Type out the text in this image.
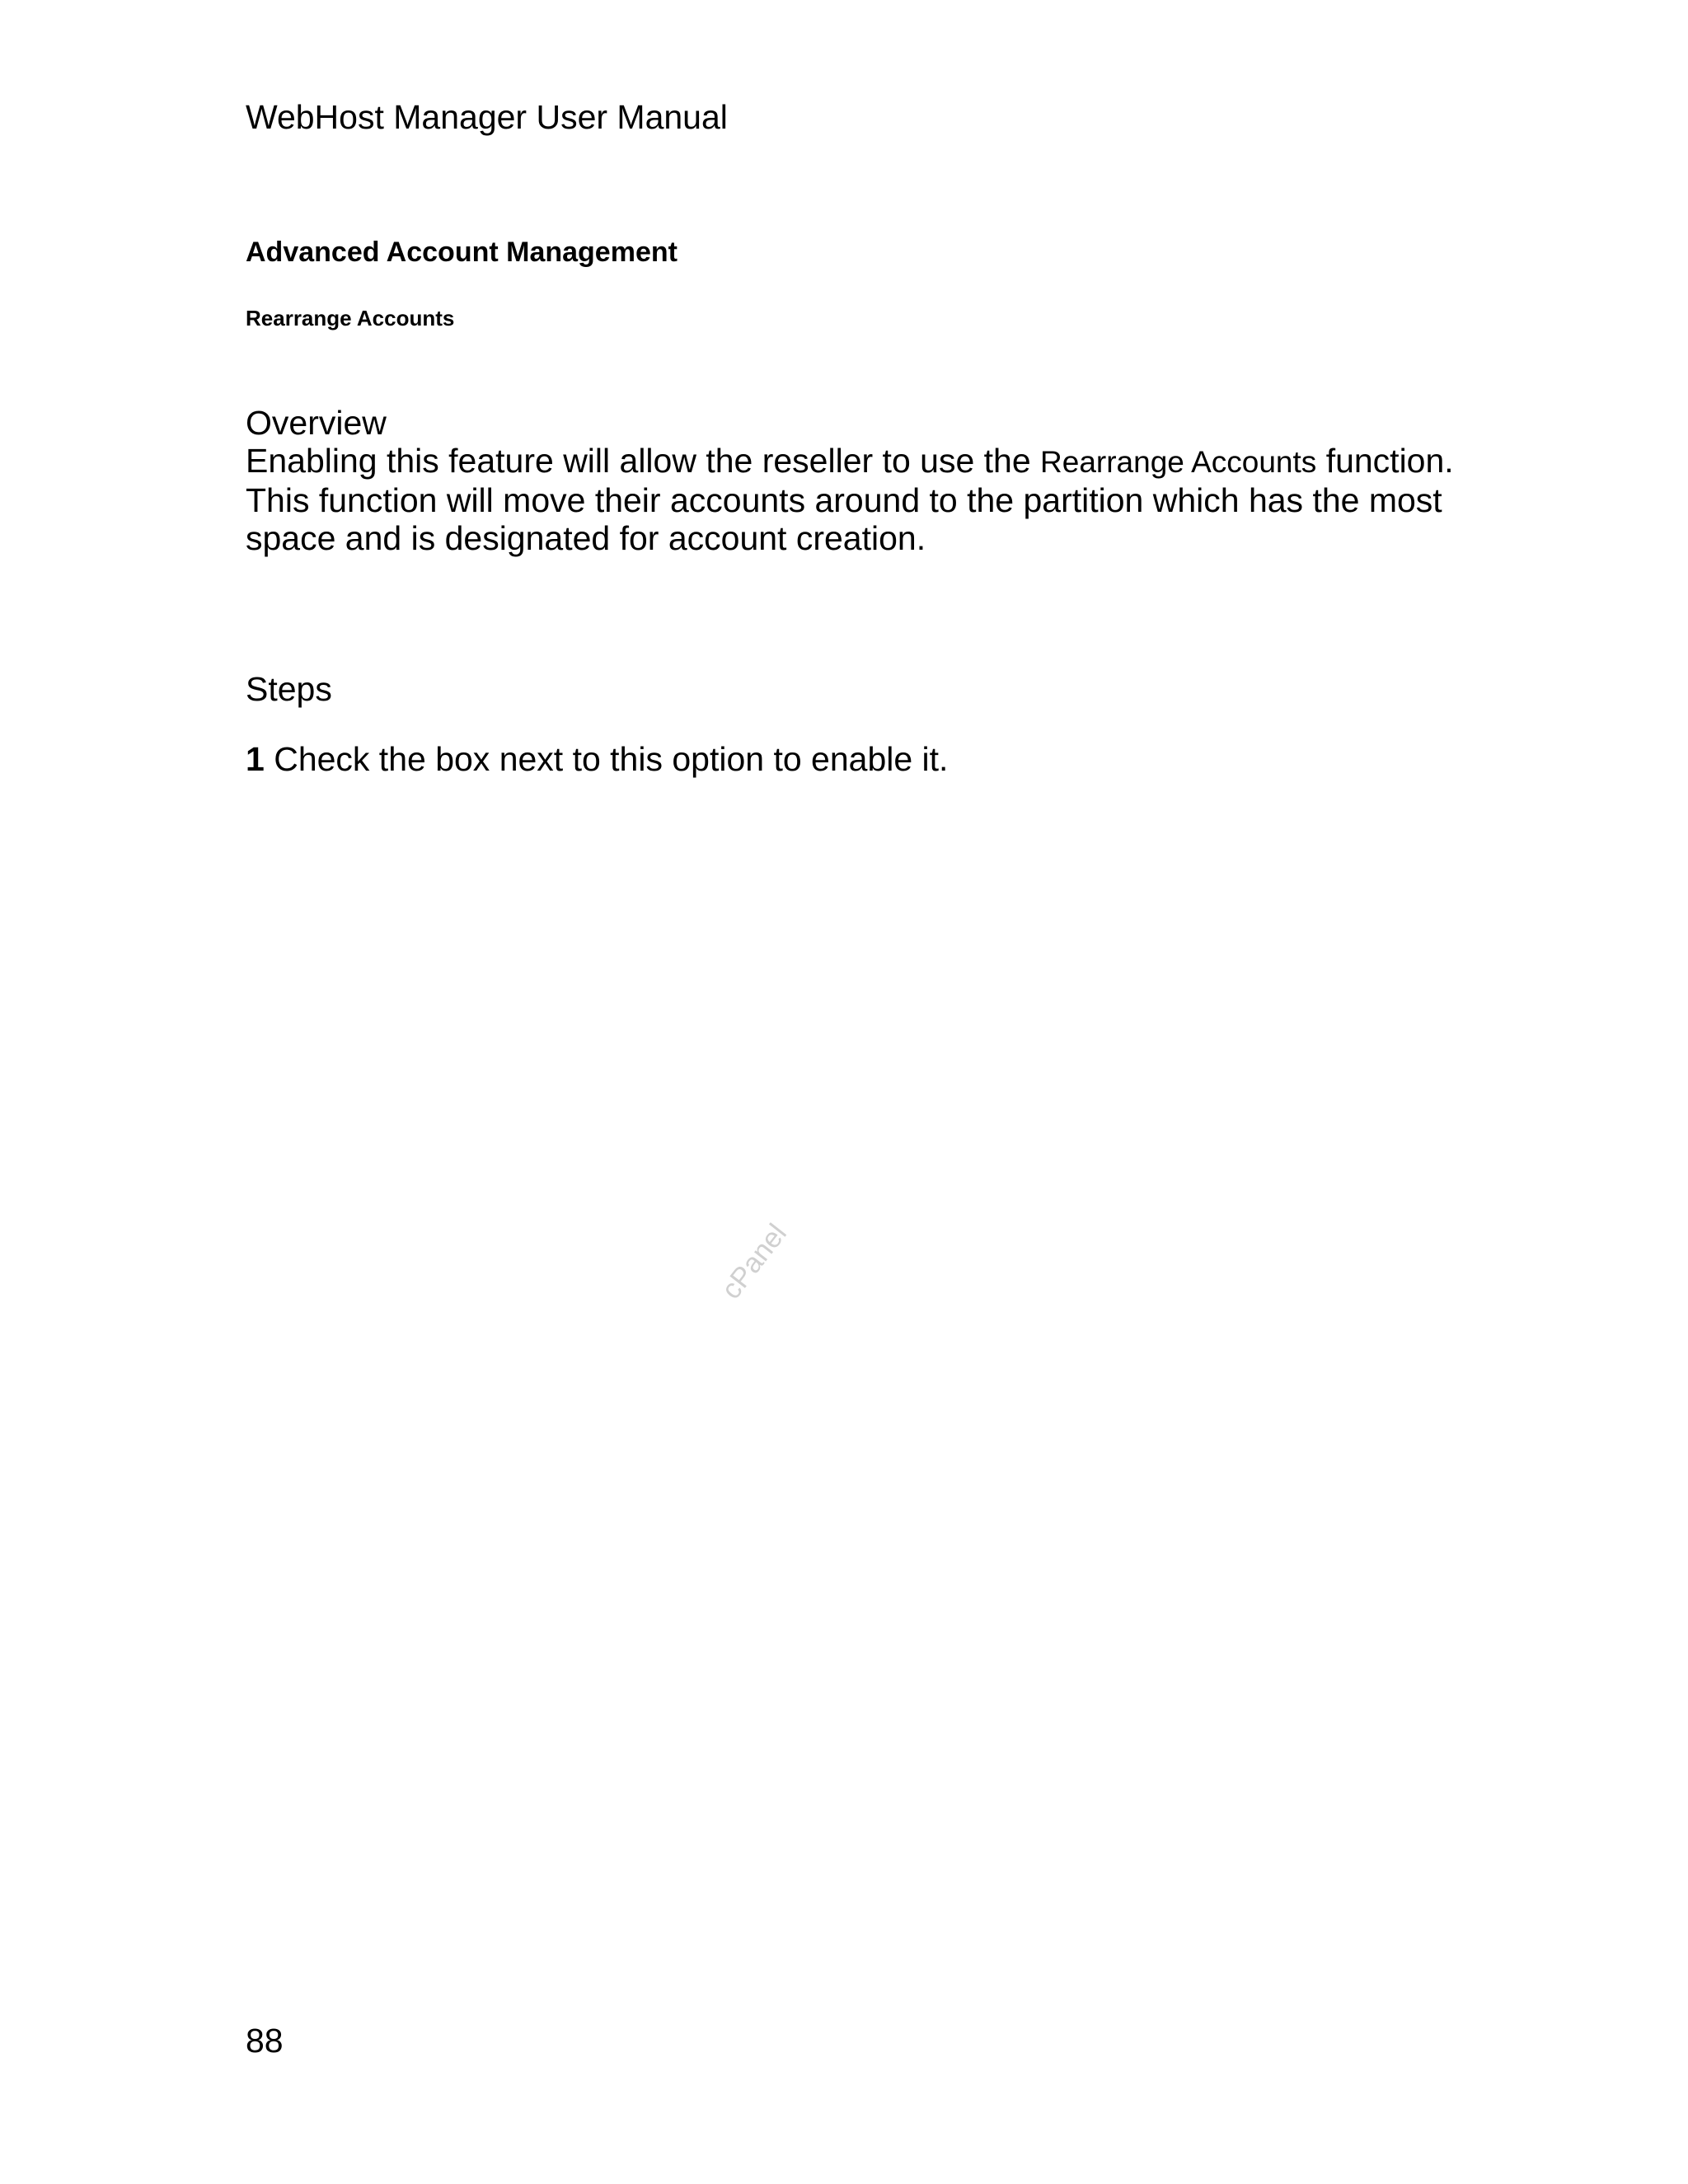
WebHost Manager User Manual
Advanced Account Management
Rearrange Accounts
Overview
Enabling this feature will allow the reseller to use the Rearrange Accounts function.
This function will move their accounts around to the partition which has the most
space and is designated for account creation.
Steps
1 Check the box next to this option to enable it.
cPanel
88
